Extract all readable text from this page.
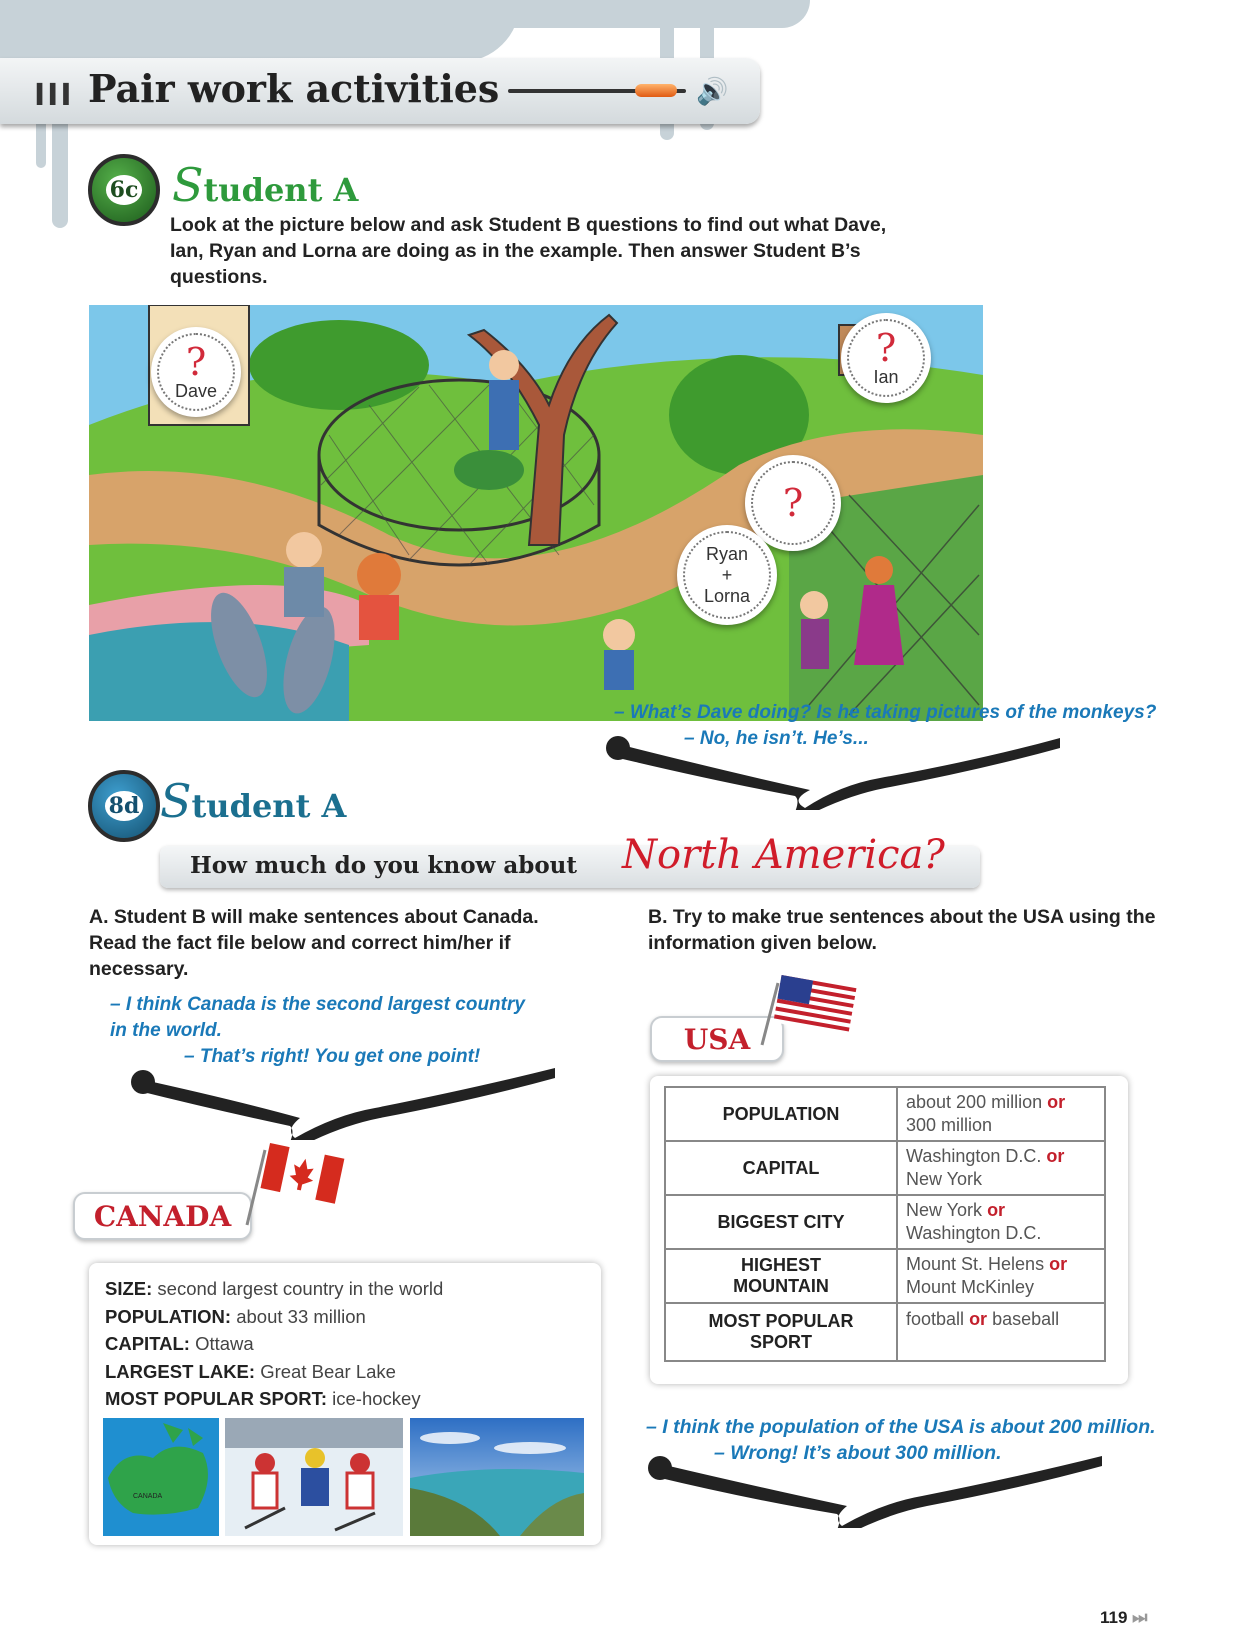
III Pair work activities	🔊
6c Student A
Look at the picture below and ask Student B questions to find out what Dave, Ian, Ryan and Lorna are doing as in the example. Then answer Student B’s questions.
?
Dave
?
Ian
?
Ryan
+
Lorna
– What’s Dave doing? Is he taking pictures of the monkeys?
– No, he isn’t. He’s...
8d Student A
How much do you know about North America?
A. Student B will make sentences about Canada. Read the fact file below and correct him/her if necessary.
B. Try to make true sentences about the USA using the information given below.
– I think Canada is the second largest country
in the world.
– That’s right! You get one point!
CANADA
SIZE: second largest country in the world
POPULATION: about 33 million
CAPITAL: Ottawa
LARGEST LAKE: Great Bear Lake
MOST POPULAR SPORT: ice-hockey
CANADA
USA
POPULATION	about 200 million or
300 million
CAPITAL	Washington D.C. or
New York
BIGGEST CITY	New York or
Washington D.C.
HIGHEST MOUNTAIN	Mount St. Helens or
Mount McKinley
MOST POPULAR SPORT	football or baseball
– I think the population of the USA is about 200 million.
– Wrong! It’s about 300 million.
119 ⏭
